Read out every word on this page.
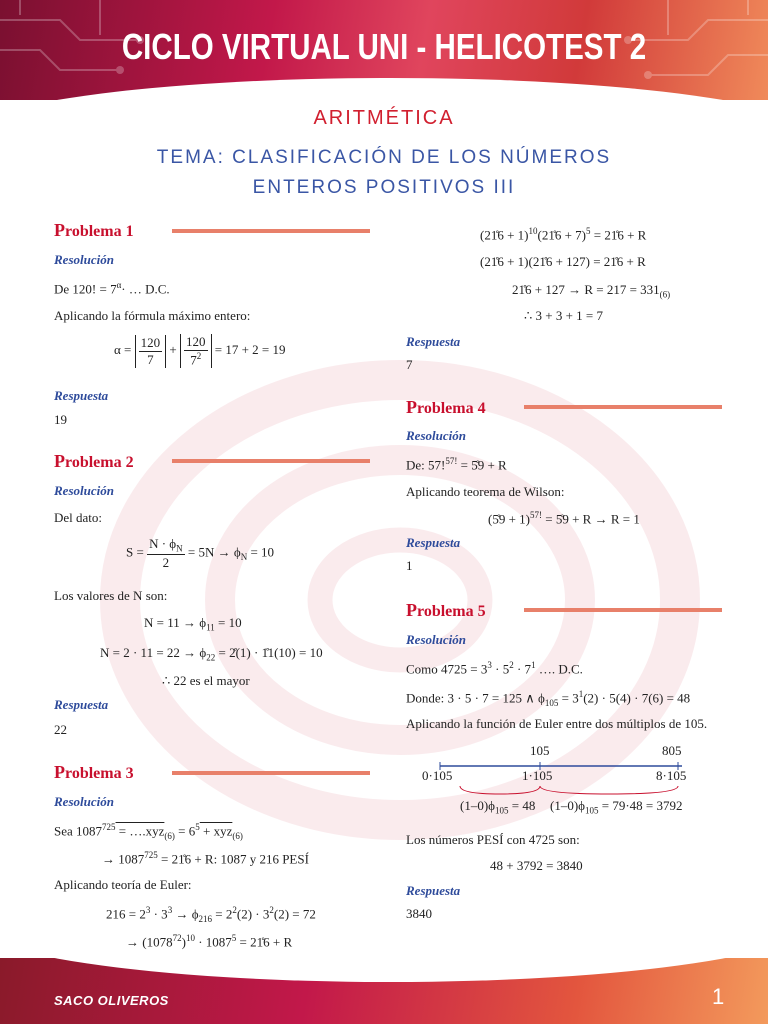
CICLO VIRTUAL UNI - HELICOTEST 2
ARITMÉTICA
TEMA: CLASIFICACIÓN DE LOS NÚMEROS
ENTEROS POSITIVOS III
Problema 1
Resolución
De 120! = $7^\alpha\cdot$ … D.C.
Aplicando la fórmula máximo entero:
$\alpha = \frac{120}{7} + \frac{120}{7^2} = 17 + 2 = 19$
Respuesta
19
Problema 2
Resolución
Del dato:
$S = \frac{N \cdot \phi_N}{2} = 5N \to \phi_N = 10$
Los valores de N son:
$N = 11 \to \phi_{11} = 10$
$N = 2 \cdot 11 = 22 \to \phi_{22}$ = 2̊(1) · 1̊1(10) = 10
∴ 22 es el mayor
Respuesta
22
Problema 3
Resolución
Sea $1087^{725}$ = ….xyz$_{(6)}$ = $6^5 + xyz_{(6)}$
→ $1087^{725}$ = 21̊6 + R: 1087 y 216 PESÍ
Aplicando teoría de Euler:
$216 = 2^3 \cdot 3^3 \to \phi_{216} = 2^2(2) \cdot 3^2(2) = 72$
→ $(1078^{72})^{10} \cdot 1087^5$ = 21̊6 + R
(21̊6 + 1)$^{10}$(21̊6 + 7)$^5$ = 21̊6 + R
(21̊6 + 1)(21̊6 + 127) = 21̊6 + R
21̊6 + $127 \to R = 217 = 331_{(6)}$
∴ 3 + 3 + 1 = 7
Respuesta
7
Problema 4
Resolución
De: 57!$^{57!}$ = 5̊9 + R
Aplicando teorema de Wilson:
(5̊9 + 1)$^{57!}$ = 5̊9 + R → R = 1
Respuesta
1
Problema 5
Resolución
Como $4725 = 3^3 \cdot 5^2 \cdot 7^1$ …. D.C.
Donde: 3 · 5 · 7 = 125 ∧ $\phi_{105} = 3^1(2) \cdot 5(4) \cdot 7(6) = 48$
Aplicando la función de Euler entre dos múltiplos de 105.
105	805
0·105	1·105	8·105
$(1-0)\phi_{105} = 48$ $(1-0)\phi_{105} = 79\cdot 48 = 3792$
Los números PESÍ con 4725 son:
48 + 3792 = 3840
Respuesta
3840
SACO OLIVEROS	1
